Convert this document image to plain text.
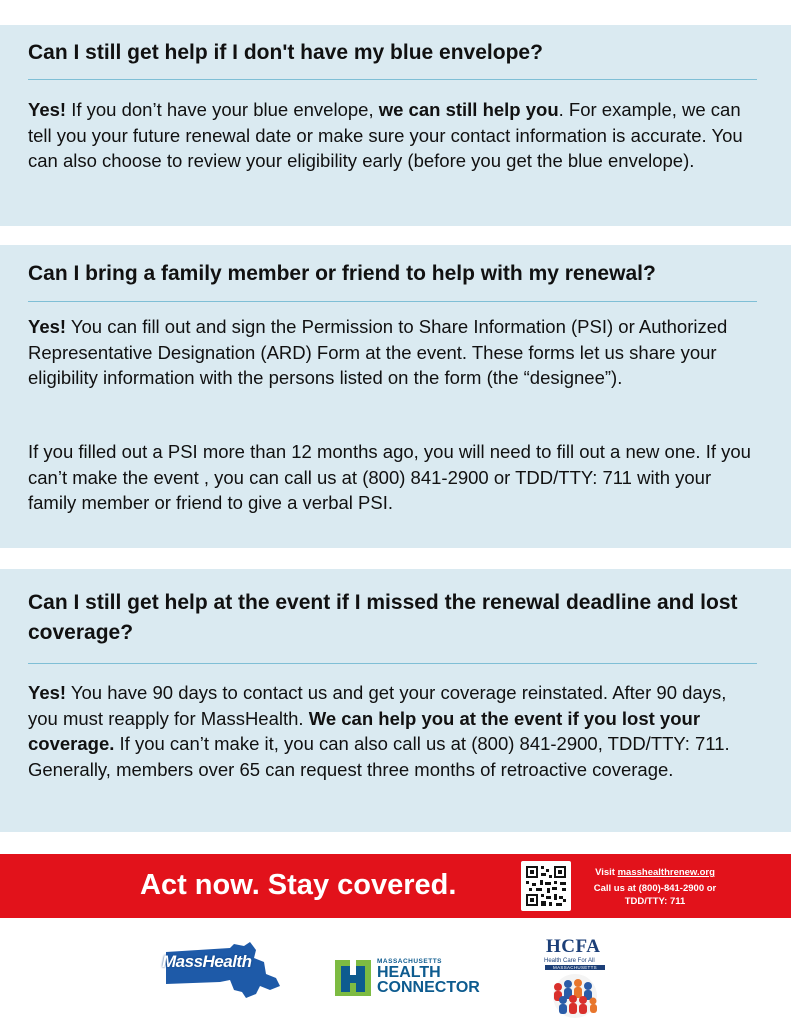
Can I still get help if I don't have my blue envelope?

Yes! If you don’t have your blue envelope, we can still help you. For example, we can tell you your future renewal date or make sure your contact information is accurate. You can also choose to review your eligibility early (before you get the blue envelope).

Can I bring a family member or friend to help with my renewal?

Yes! You can fill out and sign the Permission to Share Information (PSI) or Authorized Representative Designation (ARD) Form at the event. These forms let us share your eligibility information with the persons listed on the form (the “designee”).

If you filled out a PSI more than 12 months ago, you will need to fill out a new one. If you can’t make the event , you can call us at (800) 841-2900 or TDD/TTY: 711 with your family member or friend to give a verbal PSI.

Can I still get help at the event if I missed the renewal deadline and lost coverage?

Yes! You have 90 days to contact us and get your coverage reinstated. After 90 days, you must reapply for MassHealth. We can help you at the event if you lost your coverage. If you can’t make it, you can also call us at (800) 841-2900, TDD/TTY: 711. Generally, members over 65 can request three months of retroactive coverage.

Act now. Stay covered.	Visit masshealthrenew.org
Call us at (800)-841-2900 or
TDD/TTY: 711
MassHealth	MASSACHUSETTS
HEALTH
CONNECTOR
HCFA
Health Care For All
MASSACHUSETTS
